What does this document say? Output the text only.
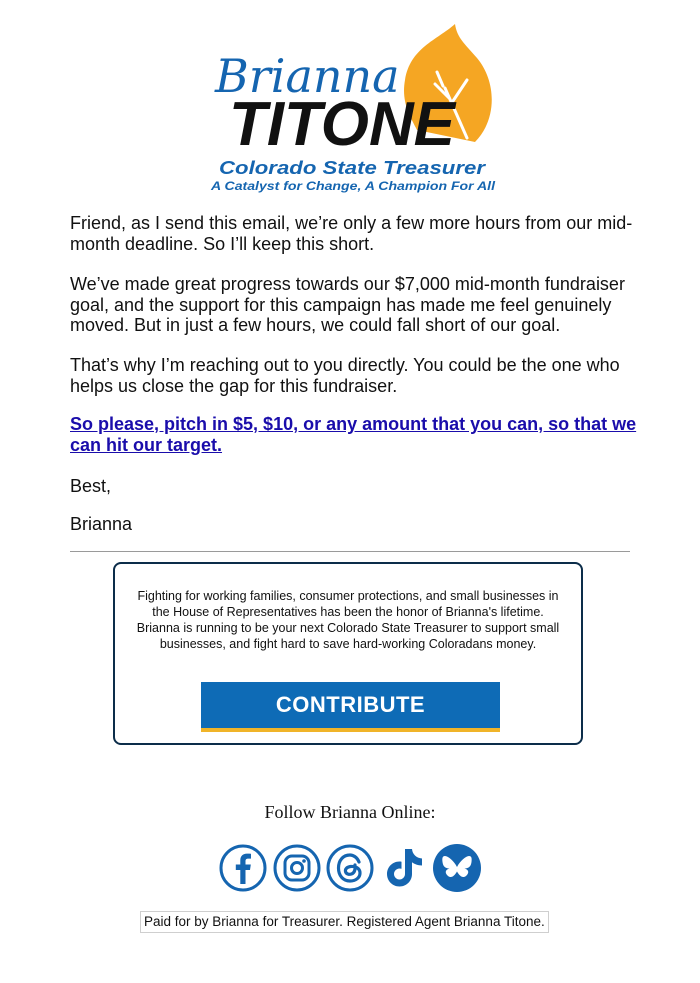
Brianna
TITONE
Colorado State Treasurer
A Catalyst for Change, A Champion For All

Friend, as I send this email, we’re only a few more hours from our mid-month deadline. So I’ll keep this short.

We’ve made great progress towards our $7,000 mid-month fundraiser goal, and the support for this campaign has made me feel genuinely moved. But in just a few hours, we could fall short of our goal.

That’s why I’m reaching out to you directly. You could be the one who helps us close the gap for this fundraiser.

So please, pitch in $5, $10, or any amount that you can, so that we can hit our target.

Best,

Brianna

Fighting for working families, consumer protections, and small businesses in the House of Representatives has been the honor of Brianna's lifetime. Brianna is running to be your next Colorado State Treasurer to support small businesses, and fight hard to save hard-working Coloradans money.

CONTRIBUTE
Follow Brianna Online:
Paid for by Brianna for Treasurer. Registered Agent Brianna Titone.
